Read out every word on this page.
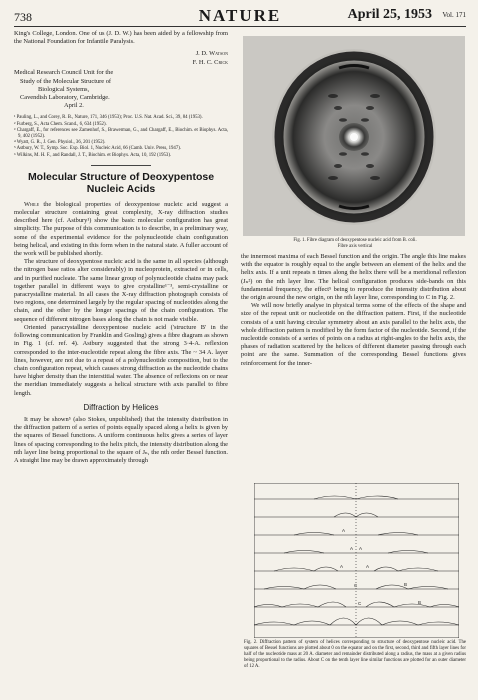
738	NATURE	April 25, 1953 Vol. 171

King's College, London. One of us (J. D. W.) has been aided by a fellowship from the National Foundation for Infantile Paralysis.

J. D. Watson
F. H. C. Crick
Medical Research Council Unit for the
Study of the Molecular Structure of
Biological Systems,
Cavendish Laboratory, Cambridge.
April 2.
¹ Pauling, L., and Corey, R. B., Nature, 171, 346 (1953); Proc. U.S. Nat. Acad. Sci., 39, 84 (1953).
² Furberg, S., Acta Chem. Scand., 6, 634 (1952).
³ Chargaff, E., for references see Zamenhof, S., Brawerman, G., and Chargaff, E., Biochim. et Biophys. Acta, 9, 402 (1952).
⁴ Wyatt, G. R., J. Gen. Physiol., 36, 201 (1952).
⁵ Astbury, W. T., Symp. Soc. Exp. Biol. 1, Nucleic Acid, 66 (Camb. Univ. Press, 1947).
⁶ Wilkins, M. H. F., and Randall, J. T., Biochim. et Biophys. Acta, 10, 192 (1953).
Molecular Structure of Deoxypentose
Nucleic Acids

While the biological properties of deoxypentose nucleic acid suggest a molecular structure containing great complexity, X-ray diffraction studies described here (cf. Astbury¹) show the basic molecular configuration has great simplicity. The purpose of this communication is to describe, in a preliminary way, some of the experimental evidence for the polynucleotide chain configuration being helical, and existing in this form when in the natural state. A fuller account of the work will be published shortly.

The structure of deoxypentose nucleic acid is the same in all species (although the nitrogen base ratios alter considerably) in nucleoprotein, extracted or in cells, and in purified nucleate. The same linear group of polynucleotide chains may pack together parallel in different ways to give crystalline¹⁻³, semi-crystalline or paracrystalline material. In all cases the X-ray diffraction photograph consists of two regions, one determined largely by the regular spacing of nucleotides along the chain, and the other by the longer spacings of the chain configuration. The sequence of different nitrogen bases along the chain is not made visible.

Oriented paracrystalline deoxypentose nucleic acid ('structure B' in the following communication by Franklin and Gosling) gives a fibre diagram as shown in Fig. 1 (cf. ref. 4). Astbury suggested that the strong 3·4-A. reflexion corresponded to the inter-nucleotide repeat along the fibre axis. The ~ 34 A. layer lines, however, are not due to a repeat of a polynucleotide composition, but to the chain configuration repeat, which causes strong diffraction as the nucleotide chains have higher density than the interstitial water. The absence of reflexions on or near the meridian immediately suggests a helical structure with axis parallel to fibre length.

Diffraction by Helices

It may be shown⁵ (also Stokes, unpublished) that the intensity distribution in the diffraction pattern of a series of points equally spaced along a helix is given by the squares of Bessel functions. A uniform continuous helix gives a series of layer lines of spacing corresponding to the helix pitch, the intensity distribution along the nth layer line being proportional to the square of Jₙ, the nth order Bessel function. A straight line may be drawn approximately through

Fig. 1. Fibre diagram of deoxypentose nucleic acid from B. coli.
Fibre axis vertical

the innermost maxima of each Bessel function and the origin. The angle this line makes with the equator is roughly equal to the angle between an element of the helix and the helix axis. If a unit repeats n times along the helix there will be a meridional reflexion (Jₙ²) on the nth layer line. The helical configuration produces side-bands on this fundamental frequency, the effect⁵ being to reproduce the intensity distribution about the origin around the new origin, on the nth layer line, corresponding to C in Fig. 2.

We will now briefly analyse in physical terms some of the effects of the shape and size of the repeat unit or nucleotide on the diffraction pattern. First, if the nucleotide consists of a unit having circular symmetry about an axis parallel to the helix axis, the whole diffraction pattern is modified by the form factor of the nucleotide. Second, if the nucleotide consists of a series of points on a radius at right-angles to the helix axis, the phases of radiation scattered by the helices of different diameter passing through each point are the same. Summation of the corresponding Bessel functions gives reinforcement for the inner-

A
A A
A	A
B
B
C
C
Fig. 2. Diffraction pattern of system of helices corresponding to structure of deoxypentose nucleic acid. The squares of Bessel functions are plotted about 0 on the equator and on the first, second, third and fifth layer lines for half of the nucleotide mass at 20 A. diameter and remainder distributed along a radius, the mass at a given radius being proportional to the radius. About C on the tenth layer line similar functions are plotted for an outer diameter of 12 A.
